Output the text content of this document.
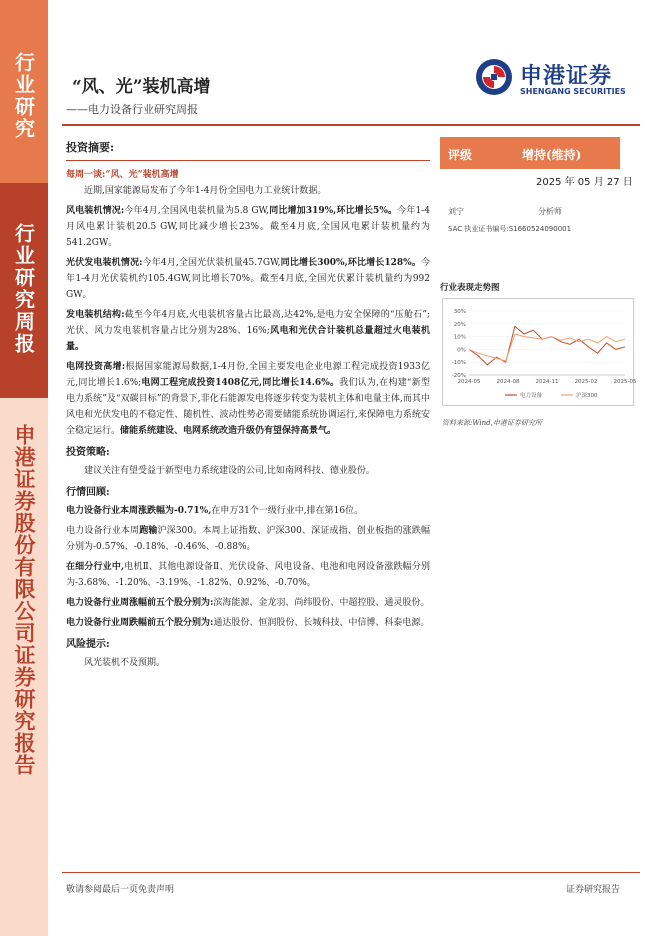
行业研究
行业研究周报
申港证券股份有限公司证券研究报告
“风、光”装机高增
——电力设备行业研究周报
申港证券
SHENGANG SECURITIES
投资摘要:
每周一谈:“风、光”装机高增

近期,国家能源局发布了今年1-4月份全国电力工业统计数据。

风电装机情况:今年4月,全国风电装机量为5.8 GW,同比增加319%,环比增长5%。今年1-4月风电累计装机20.5 GW,同比减少增长23%。截至4月底,全国风电累计装机量约为541.2GW。

光伏发电装机情况:今年4月,全国光伏装机量45.7GW,同比增长300%,环比增长128%。今年1-4月光伏装机约105.4GW,同比增长70%。截至4月底,全国光伏累计装机量约为992 GW。

发电装机结构:截至今年4月底,火电装机容量占比最高,达42%,是电力安全保障的“压舱石”;光伏、风力发电装机容量占比分别为28%、16%;风电和光伏合计装机总量超过火电装机量。

电网投资高增:根据国家能源局数据,1-4月份,全国主要发电企业电源工程完成投资1933亿元,同比增长1.6%;电网工程完成投资1408亿元,同比增长14.6%。我们认为,在构建“新型电力系统”及“双碳目标”的背景下,非化石能源发电将逐步转变为装机主体和电量主体,而其中风电和光伏发电的不稳定性、随机性、波动性势必需要储能系统协调运行,来保障电力系统安全稳定运行。储能系统建设、电网系统改造升级仍有望保持高景气。

投资策略:

建议关注有望受益于新型电力系统建设的公司,比如南网科技、德业股份。

行情回顾:

电力设备行业本周涨跌幅为-0.71%,在申万31个一级行业中,排在第16位。

电力设备行业本周跑输沪深300。本周上证指数、沪深300、深证成指、创业板指的涨跌幅分别为-0.57%、-0.18%、-0.46%、-0.88%。

在细分行业中,电机Ⅱ、其他电源设备Ⅱ、光伏设备、风电设备、电池和电网设备涨跌幅分别为-3.68%、-1.20%、-3.19%、-1.82%、0.92%、-0.70%。

电力设备行业周涨幅前五个股分别为:滨海能源、金龙羽、尚纬股份、中超控股、通灵股份。

电力设备行业周跌幅前五个股分别为:通达股份、恒润股份、长城科技、中信博、科泰电源。

风险提示:

风光装机不及预期。

评级	增持(维持)
2025 年 05 月 27 日
刘宁	分析师
SAC 执业证书编号:S1660524090001
行业表现走势图
30%
20%
10%
0%
-10%
-20%
2024-05	2024-08	2024-11	2025-02	2025-05
电力设备	沪深300
资料来源:Wind,申港证券研究所
敬请参阅最后一页免责声明	证券研究报告
